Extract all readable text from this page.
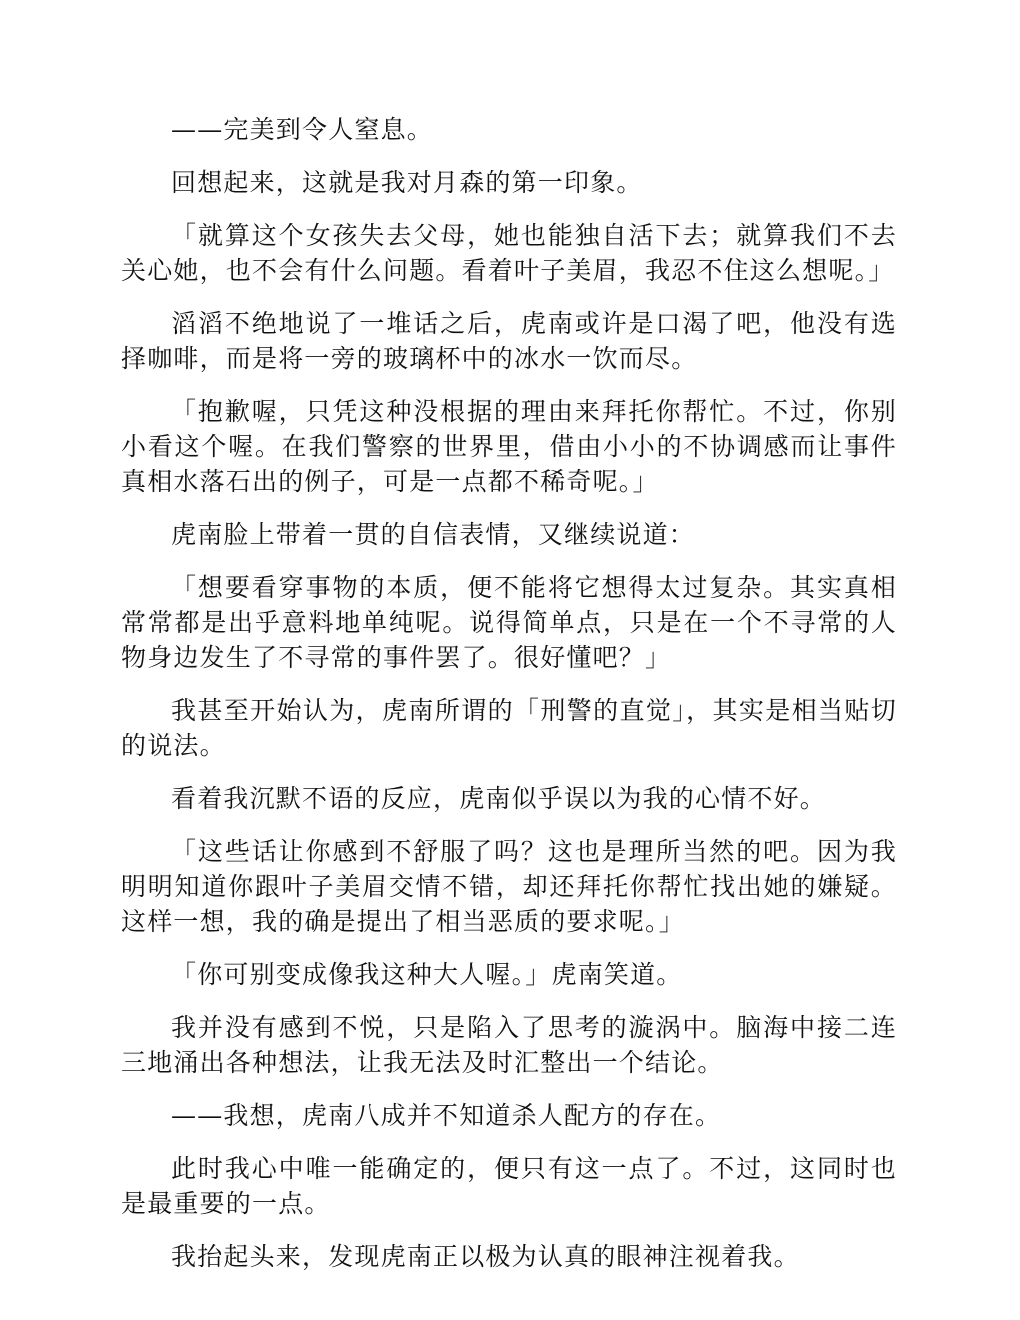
——完美到令人窒息。

回想起来，这就是我对月森的第一印象。

「就算这个女孩失去父母，她也能独自活下去；就算我们不去关心她，也不会有什么问题。看着叶子美眉，我忍不住这么想呢。」

滔滔不绝地说了一堆话之后，虎南或许是口渴了吧，他没有选择咖啡，而是将一旁的玻璃杯中的冰水一饮而尽。

「抱歉喔，只凭这种没根据的理由来拜托你帮忙。不过，你别小看这个喔。在我们警察的世界里，借由小小的不协调感而让事件真相水落石出的例子，可是一点都不稀奇呢。」

虎南脸上带着一贯的自信表情，又继续说道：

「想要看穿事物的本质，便不能将它想得太过复杂。其实真相常常都是出乎意料地单纯呢。说得简单点，只是在一个不寻常的人物身边发生了不寻常的事件罢了。很好懂吧？」

我甚至开始认为，虎南所谓的「刑警的直觉」，其实是相当贴切的说法。

看着我沉默不语的反应，虎南似乎误以为我的心情不好。

「这些话让你感到不舒服了吗？这也是理所当然的吧。因为我明明知道你跟叶子美眉交情不错，却还拜托你帮忙找出她的嫌疑。这样一想，我的确是提出了相当恶质的要求呢。」

「你可别变成像我这种大人喔。」虎南笑道。

我并没有感到不悦，只是陷入了思考的漩涡中。脑海中接二连三地涌出各种想法，让我无法及时汇整出一个结论。

——我想，虎南八成并不知道杀人配方的存在。

此时我心中唯一能确定的，便只有这一点了。不过，这同时也是最重要的一点。

我抬起头来，发现虎南正以极为认真的眼神注视着我。
